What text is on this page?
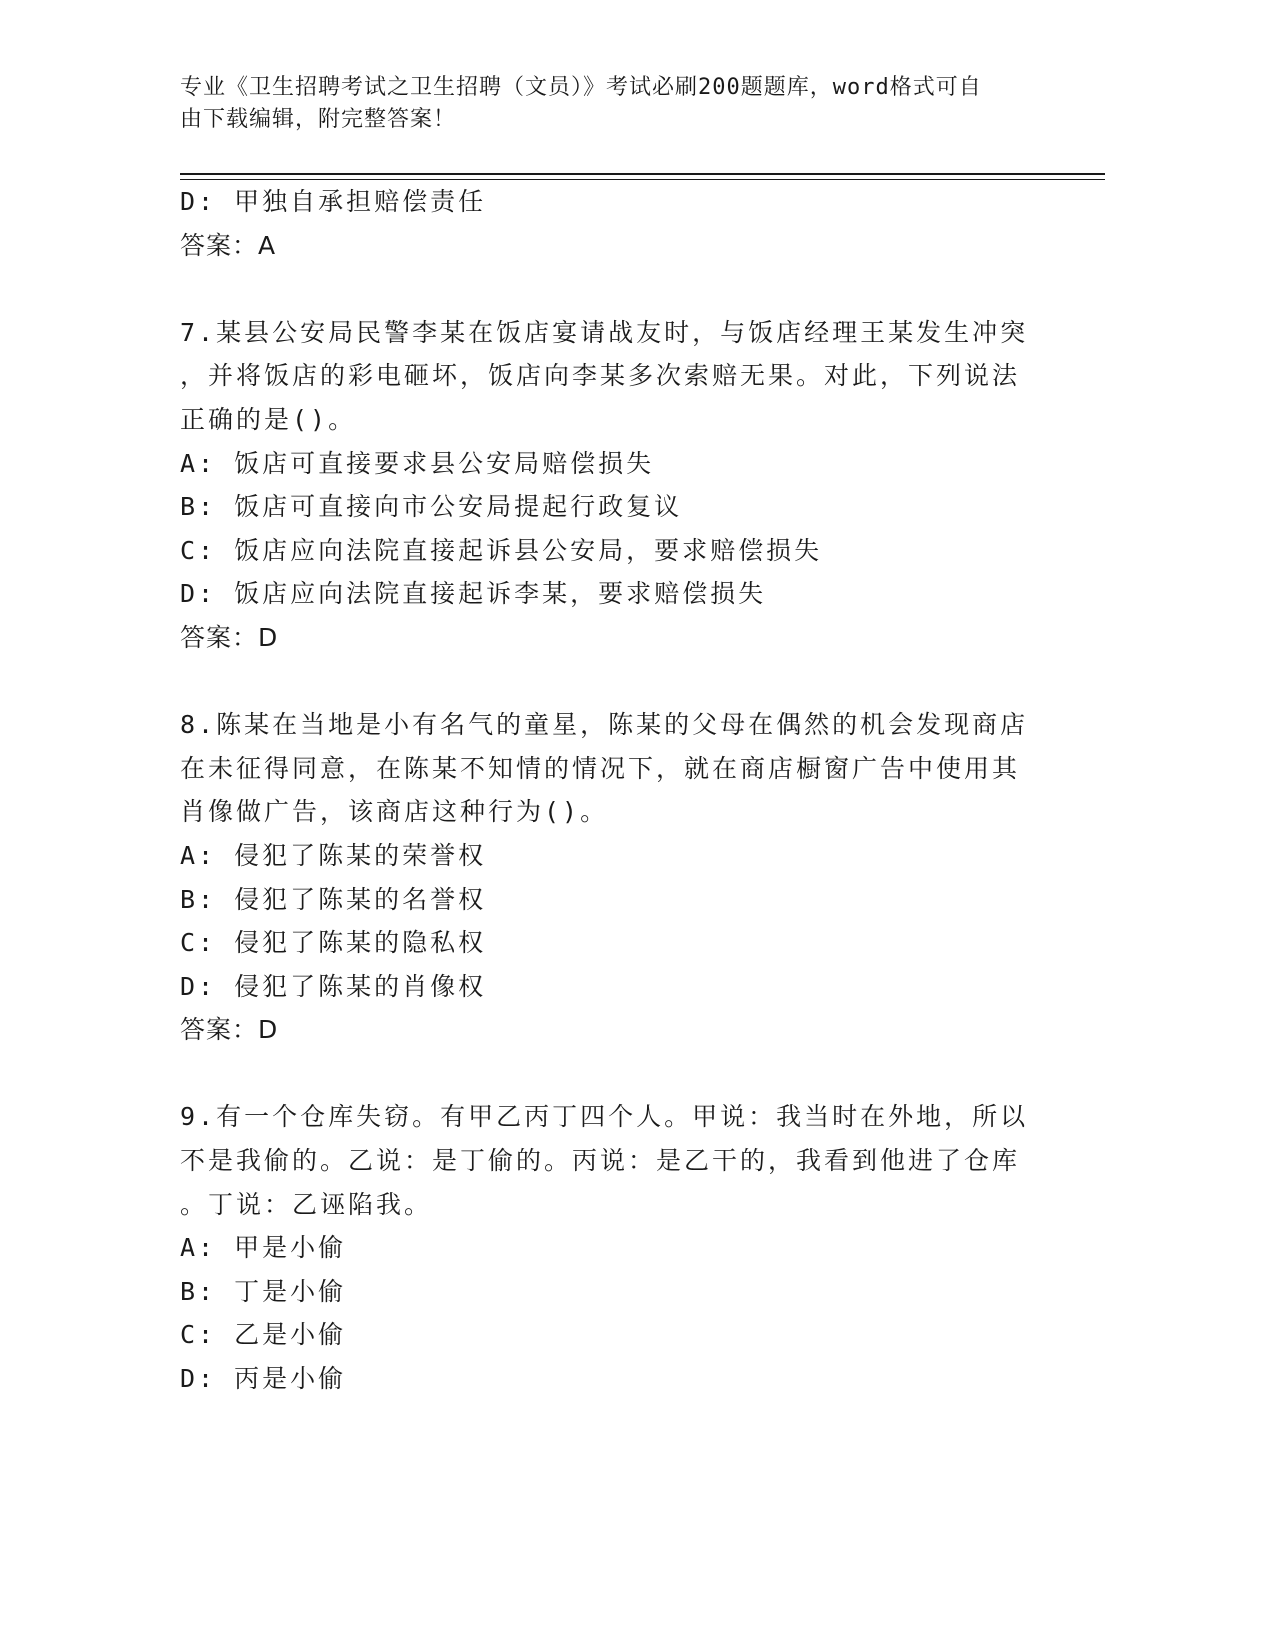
专业《卫生招聘考试之卫生招聘（文员）》考试必刷200题题库，word格式可自
由下载编辑，附完整答案！
D: 甲独自承担赔偿责任
答案：A
7.某县公安局民警李某在饭店宴请战友时，与饭店经理王某发生冲突
，并将饭店的彩电砸坏，饭店向李某多次索赔无果。对此，下列说法
正确的是()。
A: 饭店可直接要求县公安局赔偿损失
B: 饭店可直接向市公安局提起行政复议
C: 饭店应向法院直接起诉县公安局，要求赔偿损失
D: 饭店应向法院直接起诉李某，要求赔偿损失
答案：D
8.陈某在当地是小有名气的童星，陈某的父母在偶然的机会发现商店
在未征得同意，在陈某不知情的情况下，就在商店橱窗广告中使用其
肖像做广告，该商店这种行为()。
A: 侵犯了陈某的荣誉权
B: 侵犯了陈某的名誉权
C: 侵犯了陈某的隐私权
D: 侵犯了陈某的肖像权
答案：D
9.有一个仓库失窃。有甲乙丙丁四个人。甲说：我当时在外地，所以
不是我偷的。乙说：是丁偷的。丙说：是乙干的，我看到他进了仓库
。丁说：乙诬陷我。
A: 甲是小偷
B: 丁是小偷
C: 乙是小偷
D: 丙是小偷
